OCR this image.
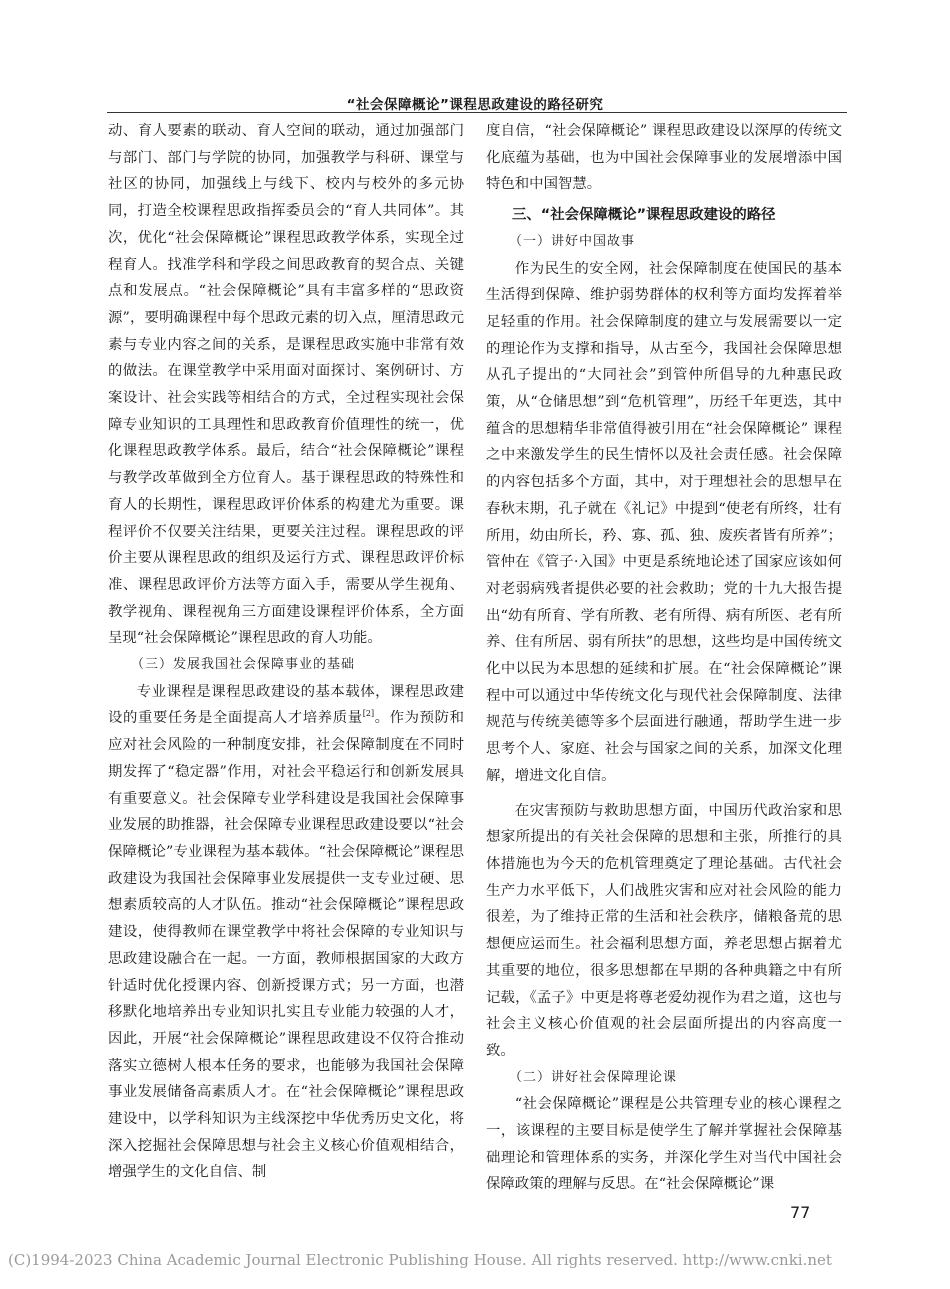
“社会保障概论”课程思政建设的路径研究

动、育人要素的联动、育人空间的联动，通过加强部门与部门、部门与学院的协同，加强教学与科研、课堂与社区的协同，加强线上与线下、校内与校外的多元协同，打造全校课程思政指挥委员会的“育人共同体”。其次，优化“社会保障概论”课程思政教学体系，实现全过程育人。找准学科和学段之间思政教育的契合点、关键点和发展点。“社会保障概论”具有丰富多样的“思政资源”，要明确课程中每个思政元素的切入点，厘清思政元素与专业内容之间的关系，是课程思政实施中非常有效的做法。在课堂教学中采用面对面探讨、案例研讨、方案设计、社会实践等相结合的方式，全过程实现社会保障专业知识的工具理性和思政教育价值理性的统一，优化课程思政教学体系。最后，结合“社会保障概论”课程与教学改革做到全方位育人。基于课程思政的特殊性和育人的长期性，课程思政评价体系的构建尤为重要。课程评价不仅要关注结果，更要关注过程。课程思政的评价主要从课程思政的组织及运行方式、课程思政评价标准、课程思政评价方法等方面入手，需要从学生视角、教学视角、课程视角三方面建设课程评价体系，全方面呈现“社会保障概论”课程思政的育人功能。

（三）发展我国社会保障事业的基础

专业课程是课程思政建设的基本载体，课程思政建设的重要任务是全面提高人才培养质量[2]。作为预防和应对社会风险的一种制度安排，社会保障制度在不同时期发挥了“稳定器”作用，对社会平稳运行和创新发展具有重要意义。社会保障专业学科建设是我国社会保障事业发展的助推器，社会保障专业课程思政建设要以“社会保障概论”专业课程为基本载体。“社会保障概论”课程思政建设为我国社会保障事业发展提供一支专业过硬、思想素质较高的人才队伍。推动“社会保障概论”课程思政建设，使得教师在课堂教学中将社会保障的专业知识与思政建设融合在一起。一方面，教师根据国家的大政方针适时优化授课内容、创新授课方式；另一方面，也潜移默化地培养出专业知识扎实且专业能力较强的人才，因此，开展“社会保障概论”课程思政建设不仅符合推动落实立德树人根本任务的要求，也能够为我国社会保障事业发展储备高素质人才。在“社会保障概论”课程思政建设中，以学科知识为主线深挖中华优秀历史文化，将深入挖掘社会保障思想与社会主义核心价值观相结合，增强学生的文化自信、制

度自信，“社会保障概论” 课程思政建设以深厚的传统文化底蕴为基础，也为中国社会保障事业的发展增添中国特色和中国智慧。

三、“社会保障概论”课程思政建设的路径
（一）讲好中国故事

作为民生的安全网，社会保障制度在使国民的基本生活得到保障、维护弱势群体的权利等方面均发挥着举足轻重的作用。社会保障制度的建立与发展需要以一定的理论作为支撑和指导，从古至今，我国社会保障思想从孔子提出的“大同社会”到管仲所倡导的九种惠民政策，从“仓储思想”到“危机管理”，历经千年更迭，其中蕴含的思想精华非常值得被引用在“社会保障概论” 课程之中来激发学生的民生情怀以及社会责任感。社会保障的内容包括多个方面，其中，对于理想社会的思想早在春秋末期，孔子就在《礼记》中提到“使老有所终，壮有所用，幼由所长，矜、寡、孤、独、废疾者皆有所养”；管仲在《管子·入国》中更是系统地论述了国家应该如何对老弱病残者提供必要的社会救助；党的十九大报告提出“幼有所育、学有所教、老有所得、病有所医、老有所养、住有所居、弱有所扶”的思想，这些均是中国传统文化中以民为本思想的延续和扩展。在“社会保障概论”课程中可以通过中华传统文化与现代社会保障制度、法律规范与传统美德等多个层面进行融通，帮助学生进一步思考个人、家庭、社会与国家之间的关系，加深文化理解，增进文化自信。

在灾害预防与救助思想方面，中国历代政治家和思想家所提出的有关社会保障的思想和主张，所推行的具体措施也为今天的危机管理奠定了理论基础。古代社会生产力水平低下，人们战胜灾害和应对社会风险的能力很差，为了维持正常的生活和社会秩序，储粮备荒的思想便应运而生。社会福利思想方面，养老思想占据着尤其重要的地位，很多思想都在早期的各种典籍之中有所记载，《孟子》中更是将尊老爱幼视作为君之道，这也与社会主义核心价值观的社会层面所提出的内容高度一致。

（二）讲好社会保障理论课

“社会保障概论”课程是公共管理专业的核心课程之一，该课程的主要目标是使学生了解并掌握社会保障基础理论和管理体系的实务，并深化学生对当代中国社会保障政策的理解与反思。在“社会保障概论”课

77
(C)1994-2023 China Academic Journal Electronic Publishing House. All rights reserved. http://www.cnki.net
